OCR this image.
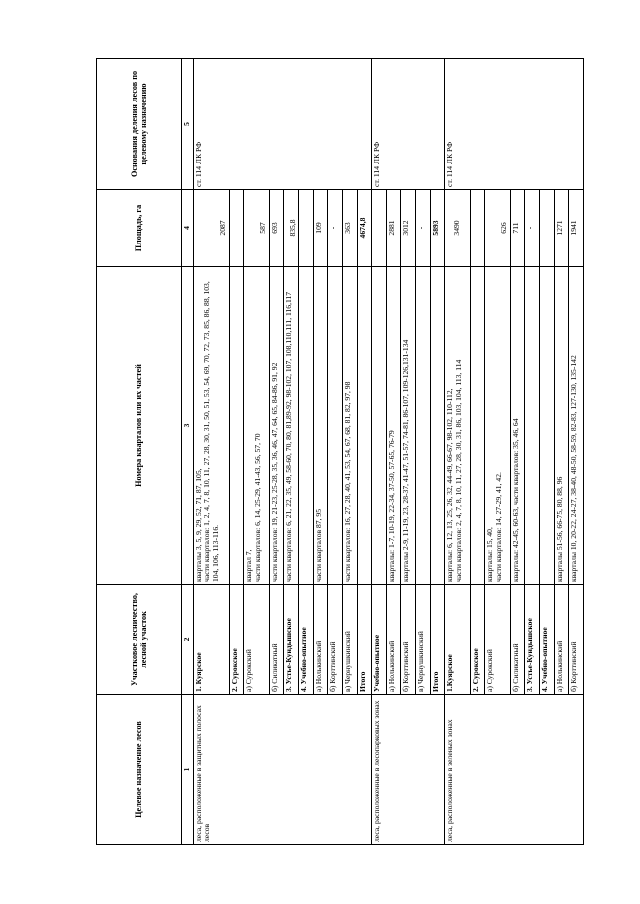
Целевое назначение лесов	Участковое лесничество, лесной участок	Номера кварталов или их частей	Площадь, га	Основания деления лесов по целевому назначению
1	2	3	4	5
леса, расположенные в защитных полосах лесов	1. Куярское	кварталы 3, 5, 9, 29, 52, 71, 87, 105,
части кварталов: 1, 2, 4, 7, 8, 10, 11, 27, 28, 30, 31, 50, 51, 53, 54, 69, 70, 72, 73, 85, 86, 88, 103, 104, 106, 113-116.	2087	ст. 114 ЛК РФ
	2. Сурокское			
	а) Сурокский	квартал 7,
части кварталов: 6, 14, 25-29, 41-43, 56, 57, 70	587	
	б) Силикатный	части кварталов: 19, 21-23, 25-28, 35, 36, 46, 47, 64, 65, 84-86, 91, 92	693	
	3. Устье-Кундышское	части кварталов: 6, 21, 22, 35, 49, 58-60, 70, 80, 81,89-92, 98-102, 107, 108,110,111, 116,117	835,8	
	4. Учебно-опытное			
	а) Нолькинский	части кварталов 87, 95	109	
	б) Корттинский		-	
	в) Чернушкинский	части кварталов: 16, 27, 28, 40, 41, 53, 54, 67, 68, 81, 82, 97, 98	363	
	Итого		4674,8	
леса, расположенные в лесопарковых зонах	Учебно-опытное			ст. 114 ЛК РФ
	а) Нолькинский	кварталы: 1-7, 10-19, 22-34, 37-50, 57-65, 76-79	2881	
	б) Корттинский	кварталы 2-9, 11-19, 23, 28-37, 41-47, 51-57, 74-81, 86-107, 109-126,131-134	3012	
	в) Чернушкинский		-	
	Итого		5893	
леса, расположенные в зеленых зонах	1.Куярское	кварталы: 6, 12, 13, 25, 26, 32, 44-49, 66-67, 98-102, 110-112,
части кварталов: 2, 4, 7, 8, 10, 11, 27, 28, 30, 31, 86, 103, 104, 113, 114	3490	ст. 114 ЛК РФ
	2. Сурокское			
	а) Сурокский	кварталы: 15, 40,
части кварталов: 14, 27-29, 41, 42.	626	
	б) Силикатный	кварталы: 42-45, 60-63, части кварталов: 35, 46, 64	711	
	3. Устье-Кундышское		-	
	4. Учебно-опытное			
	а) Нолькинский	кварталы 51-56, 66-75, 80, 88, 96	1271	
	б) Корттинский	кварталы 10, 20-22, 24-27, 38-40, 48-50, 58-59, 82-83, 127-130, 135-142	1941	
